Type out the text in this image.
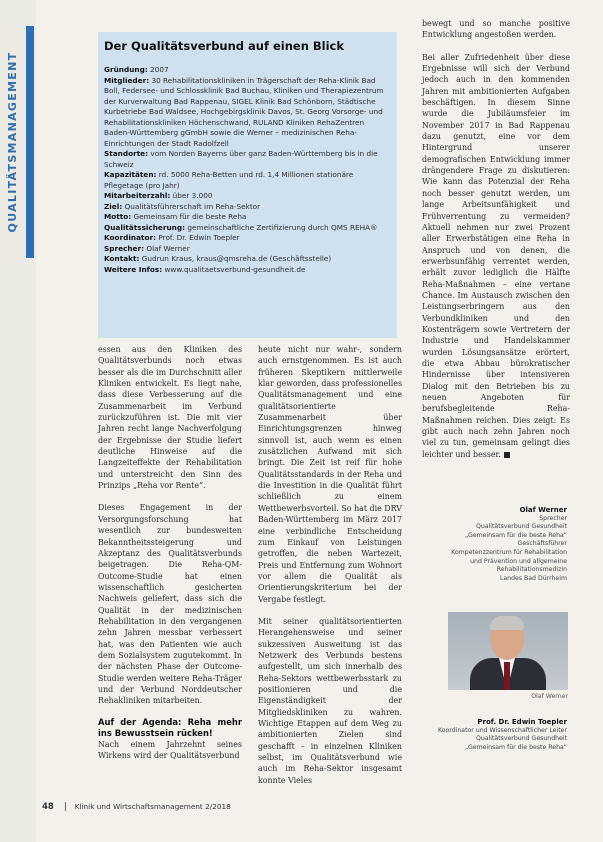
QUALITÄTSMANAGEMENT
Der Qualitätsverbund auf einen Blick

Gründung: 2007

Mitglieder: 30 Rehabilitationskliniken in Trägerschaft der Reha-Klinik Bad Boll, Federsee- und Schlossklinik Bad Buchau, Kliniken und Therapiezentrum der Kurverwaltung Bad Rappenau, SIGEL Klinik Bad Schönborn, Städtische Kurbetriebe Bad Waldsee, Hochgebirgsklinik Davos, St. Georg Vorsorge- und Rehabilitationskliniken Höchenschwand, RULAND Kliniken RehaZentren Baden-Württemberg gGmbH sowie die Werner – medizinischen Reha-Einrichtungen der Stadt Radolfzell

Standorte: vom Norden Bayerns über ganz Baden-Württemberg bis in die Schweiz

Kapazitäten: rd. 5000 Reha-Betten und rd. 1,4 Millionen stationäre Pflegetage (pro Jahr)

Mitarbeiterzahl: über 3.000

Ziel: Qualitätsführerschaft im Reha-Sektor

Motto: Gemeinsam für die beste Reha

Qualitätssicherung: gemeinschaftliche Zertifizierung durch QMS REHA®

Koordinator: Prof. Dr. Edwin Toepler

Sprecher: Olaf Werner

Kontakt: Gudrun Kraus, kraus@qmsreha.de (Geschäftsstelle)

Weitere Infos: www.qualitaetsverbund-gesundheit.de

essen aus den Kliniken des Qualitätsverbunds noch etwas besser als die im Durchschnitt aller Kliniken entwickelt. Es liegt nahe, dass diese Verbesserung auf die Zusammenarbeit im Verbund zurückzuführen ist. Die mit vier Jahren recht lange Nachverfolgung der Ergebnisse der Studie liefert deutliche Hinweise auf die Langzeiteffekte der Rehabilitation und unterstreicht den Sinn des Prinzips „Reha vor Rente“.

Dieses Engagement in der Versorgungsforschung hat wesentlich zur bundesweiten Bekanntheitssteigerung und Akzeptanz des Qualitätsverbunds beigetragen. Die Reha-QM-Outcome-Studie hat einen wissenschaftlich gesicherten Nachweis geliefert, dass sich die Qualität in der medizinischen Rehabilitation in den vergangenen zehn Jahren messbar verbessert hat, was den Patienten wie auch dem Sozialsystem zugutekommt. In der nächsten Phase der Outcome-Studie werden weitere Reha-Träger und der Verbund Norddeutscher Rehakliniken mitarbeiten.

Auf der Agenda: Reha mehr ins Bewusstsein rücken!

Nach einem Jahrzehnt seines Wirkens wird der Qualitätsverbund

heute nicht nur wahr-, sondern auch ernstgenommen. Es ist auch früheren Skeptikern mittlerweile klar geworden, dass professionelles Qualitätsmanagement und eine qualitätsorientierte Zusammenarbeit über Einrichtungsgrenzen hinweg sinnvoll ist, auch wenn es einen zusätzlichen Aufwand mit sich bringt. Die Zeit ist reif für hohe Qualitätsstandards in der Reha und die Investition in die Qualität führt schließlich zu einem Wettbewerbsvorteil. So hat die DRV Baden-Württemberg im März 2017 eine verbindliche Entscheidung zum Einkauf von Leistungen getroffen, die neben Wartezeit, Preis und Entfernung zum Wohnort vor allem die Qualität als Orientierungskriterium bei der Vergabe festlegt.

Mit seiner qualitätsorientierten Herangehensweise und seiner sukzessiven Ausweitung ist das Netzwerk des Verbunds bestens aufgestellt, um sich innerhalb des Reha-Sektors wettbewerbsstark zu positionieren und die Eigenständigkeit der Mitgliedskliniken zu wahren. Wichtige Etappen auf dem Weg zu ambitionierten Zielen sind geschafft – in einzelnen Kliniken selbst, im Qualitätsverbund wie auch im Reha-Sektor insgesamt konnte Vieles

bewegt und so manche positive Entwicklung angestoßen werden.

Bei aller Zufriedenheit über diese Ergebnisse will sich der Verbund jedoch auch in den kommenden Jahren mit ambitionierten Aufgaben beschäftigen. In diesem Sinne wurde die Jubiläumsfeier im November 2017 in Bad Rappenau dazu genutzt, eine vor dem Hintergrund unserer demografischen Entwicklung immer drängendere Frage zu diskutieren: Wie kann das Potenzial der Reha noch besser genutzt werden, um lange Arbeitsunfähigkeit und Frühverrentung zu vermeiden? Aktuell nehmen nur zwei Prozent aller Erwerbstätigen eine Reha in Anspruch und von denen, die erwerbsunfähig verrentet werden, erhält zuvor lediglich die Hälfte Reha-Maßnahmen – eine vertane Chance. Im Austausch zwischen den Leistungserbringern aus den Verbundkliniken und den Kostenträgern sowie Vertretern der Industrie und Handelskammer wurden Lösungsansätze erörtert, die etwa Abbau bürokratischer Hindernisse über intensiveren Dialog mit den Betrieben bis zu neuen Angeboten für berufsbegleitende Reha-Maßnahmen reichen. Dies zeigt: Es gibt auch nach zehn Jahren noch viel zu tun, gemeinsam gelingt dies leichter und besser.

Olaf Werner
Sprecher
Qualitätsverbund Gesundheit
„Gemeinsam für die beste Reha“
Geschäftsführer
Kompetenzzentrum für Rehabilitation
und Prävention und allgemeine
Rehabilitationsmedizin
Landes Bad Dürrheim
Olaf Werner
Prof. Dr. Edwin Toepler
Koordinator und Wissenschaftlicher Leiter
Qualitätsverbund Gesundheit
„Gemeinsam für die beste Reha“
48 | Klinik und Wirtschaftsmanagement 2/2018
